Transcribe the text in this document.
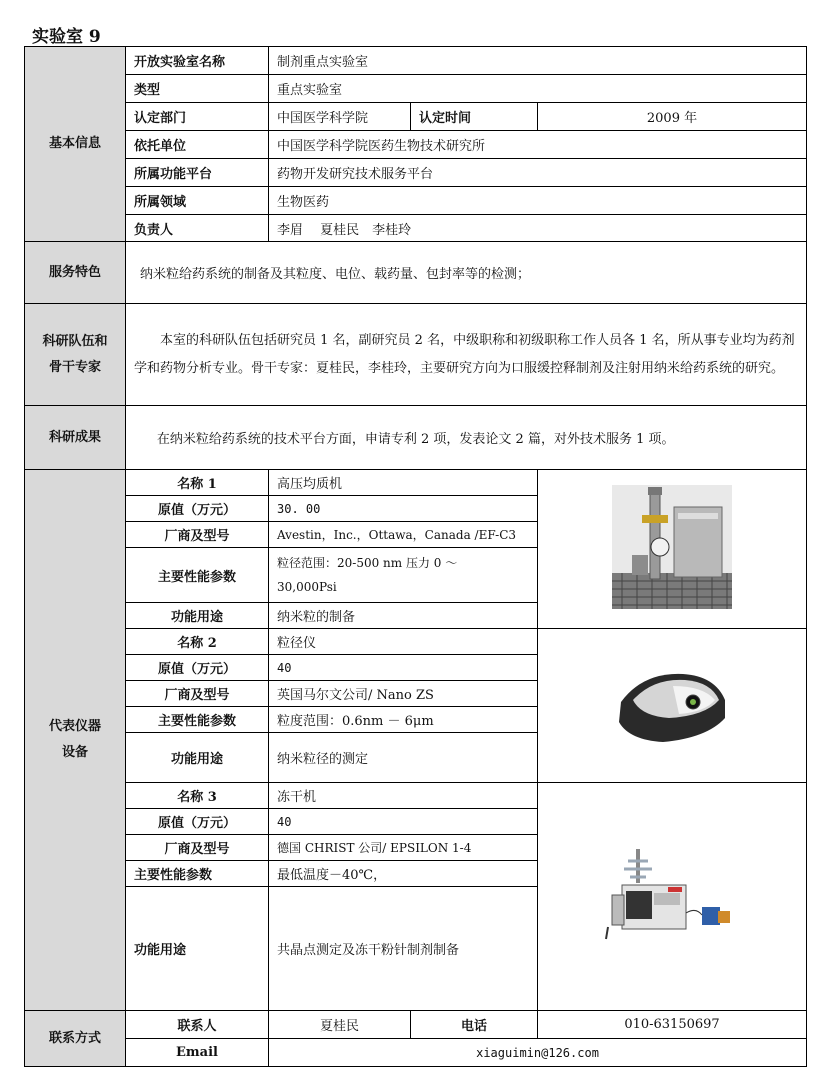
实验室 9
基本信息	开放实验室名称	制剂重点实验室		
	类型	重点实验室		
	认定部门	中国医学科学院	认定时间	2009 年
	依托单位	中国医学科学院医药生物技术研究所		
	所属功能平台	药物开发研究技术服务平台		
	所属领域	生物医药		
	负责人	李眉　 夏桂民　李桂玲		
服务特色	纳米粒给药系统的制备及其粒度、电位、载药量、包封率等的检测；			

科研队伍和
骨干专家	本室的科研队伍包括研究员 1 名，副研究员 2 名，中级职称和初级职称工作人员各 1 名，所从事专业均为药剂学和药物分析专业。骨干专家：夏桂民，李桂玲，主要研究方向为口服缓控释制剂及注射用纳米给药系统的研究。			
科研成果	在纳米粒给药系统的技术平台方面，申请专利 2 项，发表论文 2 篇，对外技术服务 1 项。			

代表仪器
设备	名称 1	高压均质机	
	原值（万元）	30. 00		
	厂商及型号	Avestin，Inc.，Ottawa，Canada /EF-C3		
	主要性能参数	粒径范围：20-500 nm 压力 0 ～
30,000Psi		

	功能用途	纳米粒的制备		
	名称 2	粒径仪	
	原值（万元）	40		
	厂商及型号	英国马尔文公司/ Nano ZS		
	主要性能参数	粒度范围：0.6nm － 6μm		
	功能用途	纳米粒径的测定		
	名称 3	冻干机	
	原值（万元）	40		
	厂商及型号	德国 CHRIST 公司/ EPSILON 1-4		
	主要性能参数	最低温度－40℃，		
	功能用途	共晶点测定及冻干粉针制剂制备		
联系方式	联系人	夏桂民	电话	010-63150697
	Email	xiaguimin@126.com		
